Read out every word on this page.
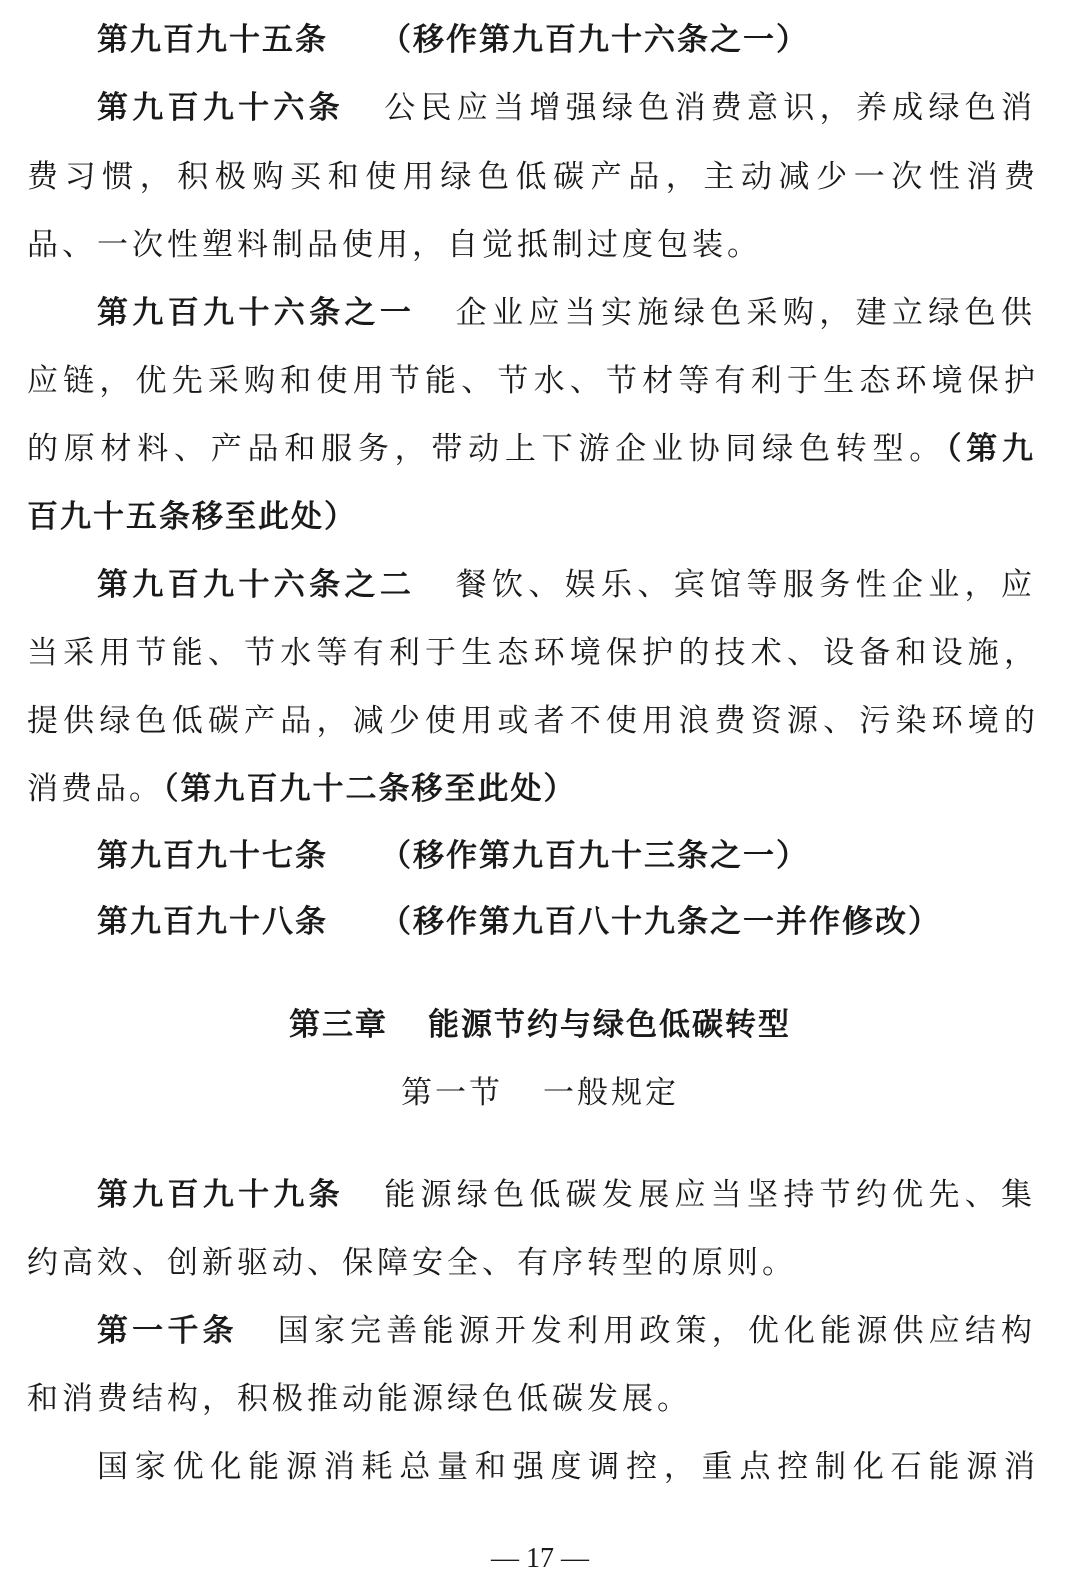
第九百九十五条 （移作第九百九十六条之一）
第九百九十六条 公民应当增强绿色消费意识，养成绿色消
费习惯，积极购买和使用绿色低碳产品，主动减少一次性消费
品、一次性塑料制品使用，自觉抵制过度包装。
第九百九十六条之一 企业应当实施绿色采购，建立绿色供
应链，优先采购和使用节能、节水、节材等有利于生态环境保护
的原材料、产品和服务，带动上下游企业协同绿色转型。（第九
百九十五条移至此处）
第九百九十六条之二 餐饮、娱乐、宾馆等服务性企业，应
当采用节能、节水等有利于生态环境保护的技术、设备和设施，
提供绿色低碳产品，减少使用或者不使用浪费资源、污染环境的
消费品。（第九百九十二条移至此处）
第九百九十七条 （移作第九百九十三条之一）
第九百九十八条 （移作第九百八十九条之一并作修改）
第三章 能源节约与绿色低碳转型
第一节 一般规定
第九百九十九条 能源绿色低碳发展应当坚持节约优先、集
约高效、创新驱动、保障安全、有序转型的原则。
第一千条 国家完善能源开发利用政策，优化能源供应结构
和消费结构，积极推动能源绿色低碳发展。
国家优化能源消耗总量和强度调控，重点控制化石能源消
— 17 —
